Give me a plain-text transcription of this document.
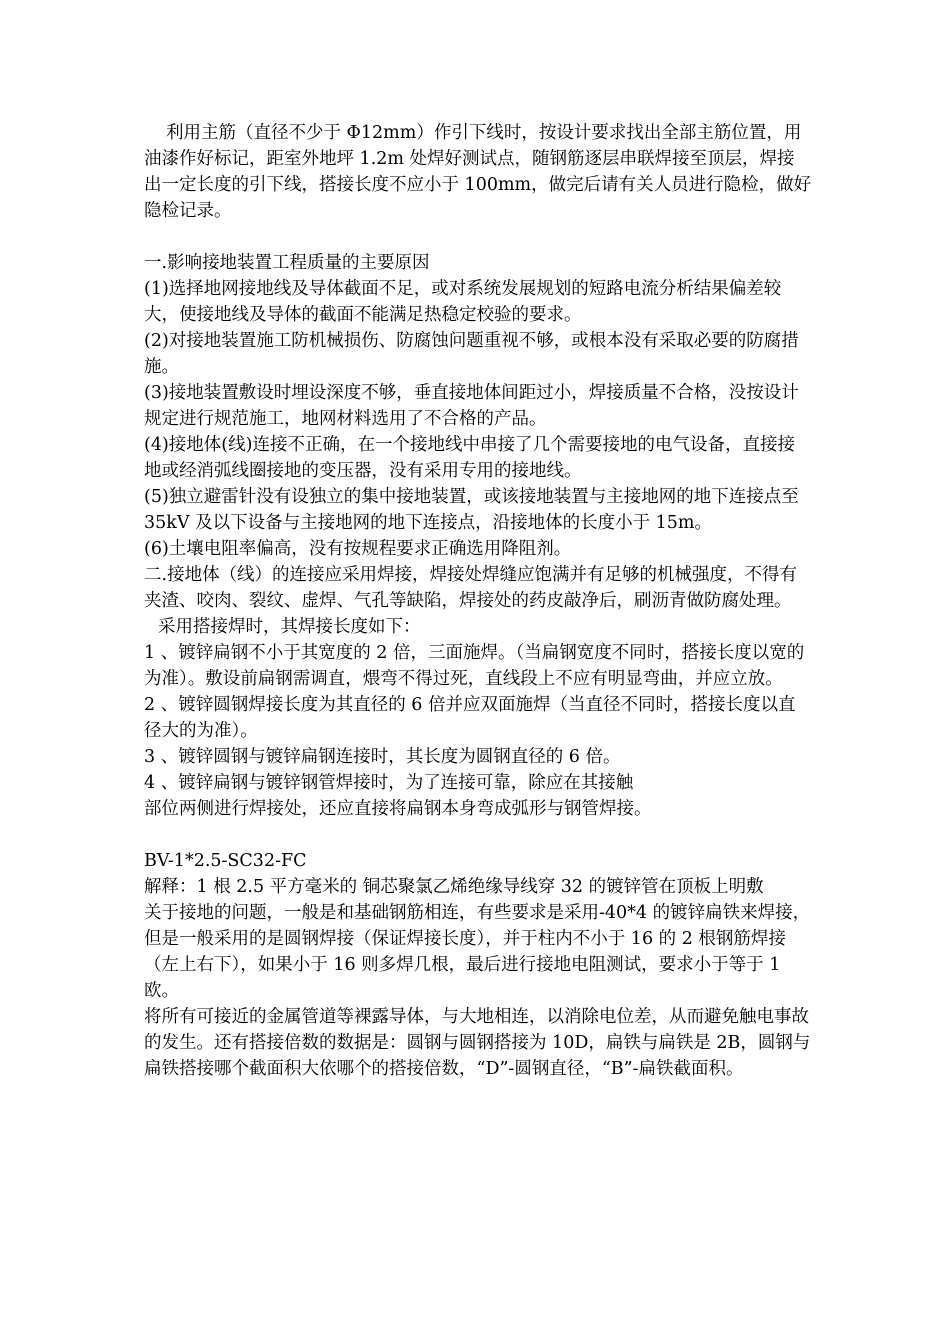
利用主筋（直径不少于 Φ12mm）作引下线时，按设计要求找出全部主筋位置，用油漆作好标记，距室外地坪 1.2m 处焊好测试点，随钢筋逐层串联焊接至顶层，焊接出一定长度的引下线，搭接长度不应小于 100mm，做完后请有关人员进行隐检，做好隐检记录。

一.影响接地装置工程质量的主要原因

(1)选择地网接地线及导体截面不足，或对系统发展规划的短路电流分析结果偏差较大，使接地线及导体的截面不能满足热稳定校验的要求。

(2)对接地装置施工防机械损伤、防腐蚀问题重视不够，或根本没有采取必要的防腐措施。

(3)接地装置敷设时埋设深度不够，垂直接地体间距过小，焊接质量不合格，没按设计规定进行规范施工，地网材料选用了不合格的产品。

(4)接地体(线)连接不正确，在一个接地线中串接了几个需要接地的电气设备，直接接地或经消弧线圈接地的变压器，没有采用专用的接地线。

(5)独立避雷针没有设独立的集中接地装置，或该接地装置与主接地网的地下连接点至 35kV 及以下设备与主接地网的地下连接点，沿接地体的长度小于 15m。

(6)土壤电阻率偏高，没有按规程要求正确选用降阻剂。

二.接地体（线）的连接应采用焊接，焊接处焊缝应饱满并有足够的机械强度，不得有夹渣、咬肉、裂纹、虚焊、气孔等缺陷，焊接处的药皮敲净后，刷沥青做防腐处理。

采用搭接焊时，其焊接长度如下：

1 、镀锌扁钢不小于其宽度的 2 倍，三面施焊。（当扁钢宽度不同时，搭接长度以宽的为准）。敷设前扁钢需调直，煨弯不得过死，直线段上不应有明显弯曲，并应立放。

2 、镀锌圆钢焊接长度为其直径的 6 倍并应双面施焊（当直径不同时，搭接长度以直径大的为准）。

3 、镀锌圆钢与镀锌扁钢连接时，其长度为圆钢直径的 6 倍。

4 、镀锌扁钢与镀锌钢管焊接时，为了连接可靠，除应在其接触

部位两侧进行焊接处，还应直接将扁钢本身弯成弧形与钢管焊接。

BV-1*2.5-SC32-FC

解释：1 根 2.5 平方毫米的 铜芯聚氯乙烯绝缘导线穿 32 的镀锌管在顶板上明敷

关于接地的问题，一般是和基础钢筋相连，有些要求是采用-40*4 的镀锌扁铁来焊接，但是一般采用的是圆钢焊接（保证焊接长度），并于柱内不小于 16 的 2 根钢筋焊接（左上右下），如果小于 16 则多焊几根，最后进行接地电阻测试，要求小于等于 1 欧。

将所有可接近的金属管道等裸露导体，与大地相连，以消除电位差，从而避免触电事故的发生。还有搭接倍数的数据是：圆钢与圆钢搭接为 10D，扁铁与扁铁是 2B，圆钢与扁铁搭接哪个截面积大依哪个的搭接倍数，“D”-圆钢直径，“B”-扁铁截面积。
